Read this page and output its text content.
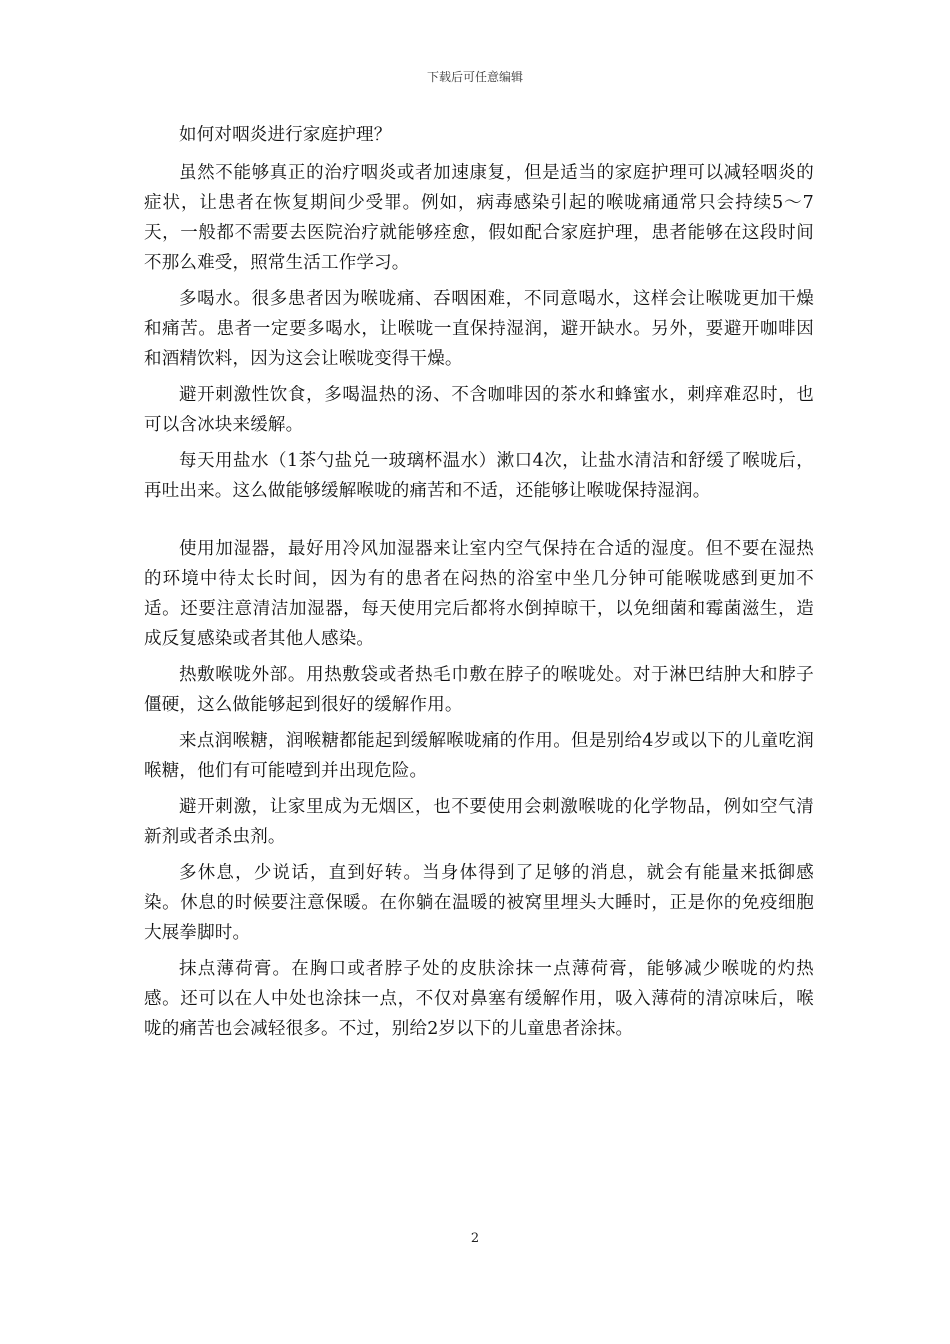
下载后可任意编辑

如何对咽炎进行家庭护理？

虽然不能够真正的治疗咽炎或者加速康复，但是适当的家庭护理可以减轻咽炎的症状，让患者在恢复期间少受罪。例如，病毒感染引起的喉咙痛通常只会持续5～7天，一般都不需要去医院治疗就能够痊愈，假如配合家庭护理，患者能够在这段时间不那么难受，照常生活工作学习。

多喝水。很多患者因为喉咙痛、吞咽困难，不同意喝水，这样会让喉咙更加干燥和痛苦。患者一定要多喝水，让喉咙一直保持湿润，避开缺水。另外，要避开咖啡因和酒精饮料，因为这会让喉咙变得干燥。

避开刺激性饮食，多喝温热的汤、不含咖啡因的茶水和蜂蜜水，刺痒难忍时，也可以含冰块来缓解。

每天用盐水（1茶勺盐兑一玻璃杯温水）漱口4次，让盐水清洁和舒缓了喉咙后，再吐出来。这么做能够缓解喉咙的痛苦和不适，还能够让喉咙保持湿润。

使用加湿器，最好用冷风加湿器来让室内空气保持在合适的湿度。但不要在湿热的环境中待太长时间，因为有的患者在闷热的浴室中坐几分钟可能喉咙感到更加不适。还要注意清洁加湿器，每天使用完后都将水倒掉晾干，以免细菌和霉菌滋生，造成反复感染或者其他人感染。

热敷喉咙外部。用热敷袋或者热毛巾敷在脖子的喉咙处。对于淋巴结肿大和脖子僵硬，这么做能够起到很好的缓解作用。

来点润喉糖，润喉糖都能起到缓解喉咙痛的作用。但是别给4岁或以下的儿童吃润喉糖，他们有可能噎到并出现危险。

避开刺激，让家里成为无烟区，也不要使用会刺激喉咙的化学物品，例如空气清新剂或者杀虫剂。

多休息，少说话，直到好转。当身体得到了足够的消息，就会有能量来抵御感染。休息的时候要注意保暖。在你躺在温暖的被窝里埋头大睡时，正是你的免疫细胞大展拳脚时。

抹点薄荷膏。在胸口或者脖子处的皮肤涂抹一点薄荷膏，能够减少喉咙的灼热感。还可以在人中处也涂抹一点，不仅对鼻塞有缓解作用，吸入薄荷的清凉味后，喉咙的痛苦也会减轻很多。不过，别给2岁以下的儿童患者涂抹。

2
